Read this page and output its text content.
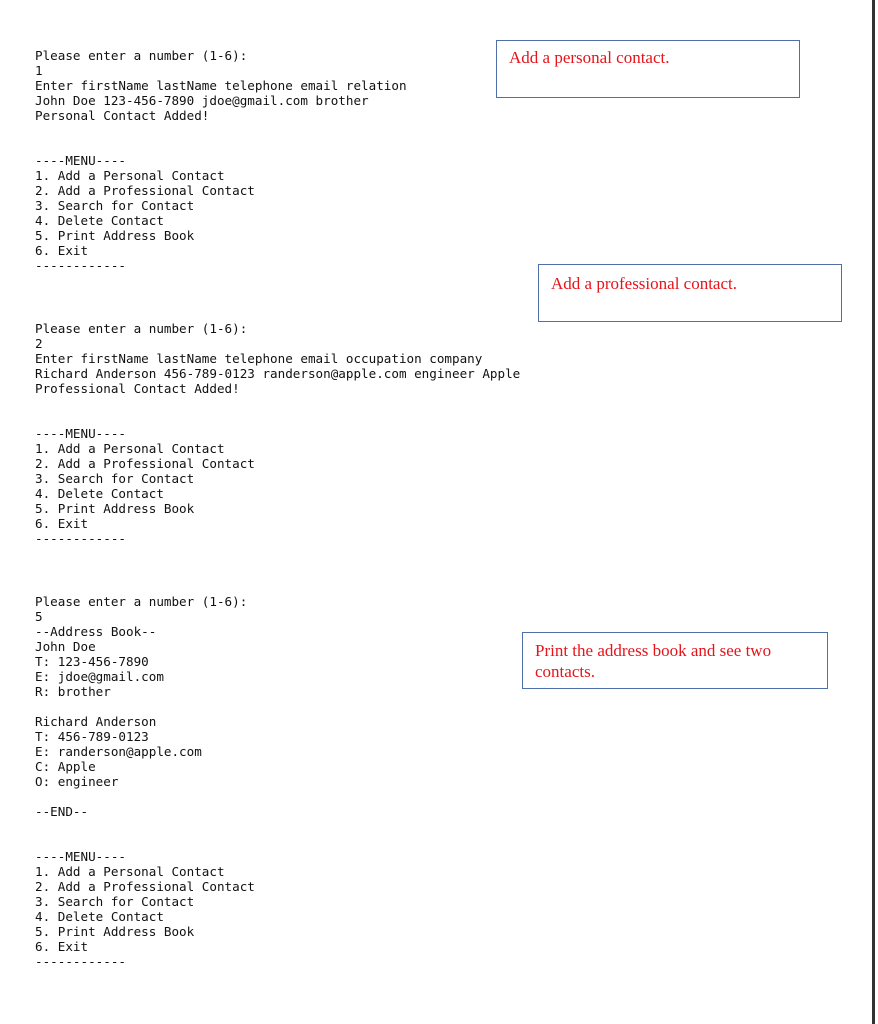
Please enter a number (1-6):
1
Enter firstName lastName telephone email relation
John Doe 123-456-7890 jdoe@gmail.com brother
Personal Contact Added!

----MENU----
1. Add a Personal Contact
2. Add a Professional Contact
3. Search for Contact
4. Delete Contact
5. Print Address Book
6. Exit
------------
Please enter a number (1-6):
2
Enter firstName lastName telephone email occupation company
Richard Anderson 456-789-0123 randerson@apple.com engineer Apple
Professional Contact Added!

----MENU----
1. Add a Personal Contact
2. Add a Professional Contact
3. Search for Contact
4. Delete Contact
5. Print Address Book
6. Exit
------------
Please enter a number (1-6):
5
--Address Book--
John Doe
T: 123-456-7890
E: jdoe@gmail.com
R: brother

Richard Anderson
T: 456-789-0123
E: randerson@apple.com
C: Apple
O: engineer

--END--

----MENU----
1. Add a Personal Contact
2. Add a Professional Contact
3. Search for Contact
4. Delete Contact
5. Print Address Book
6. Exit
------------
Add a personal contact.
Add a professional contact.
Print the address book and see two contacts.
